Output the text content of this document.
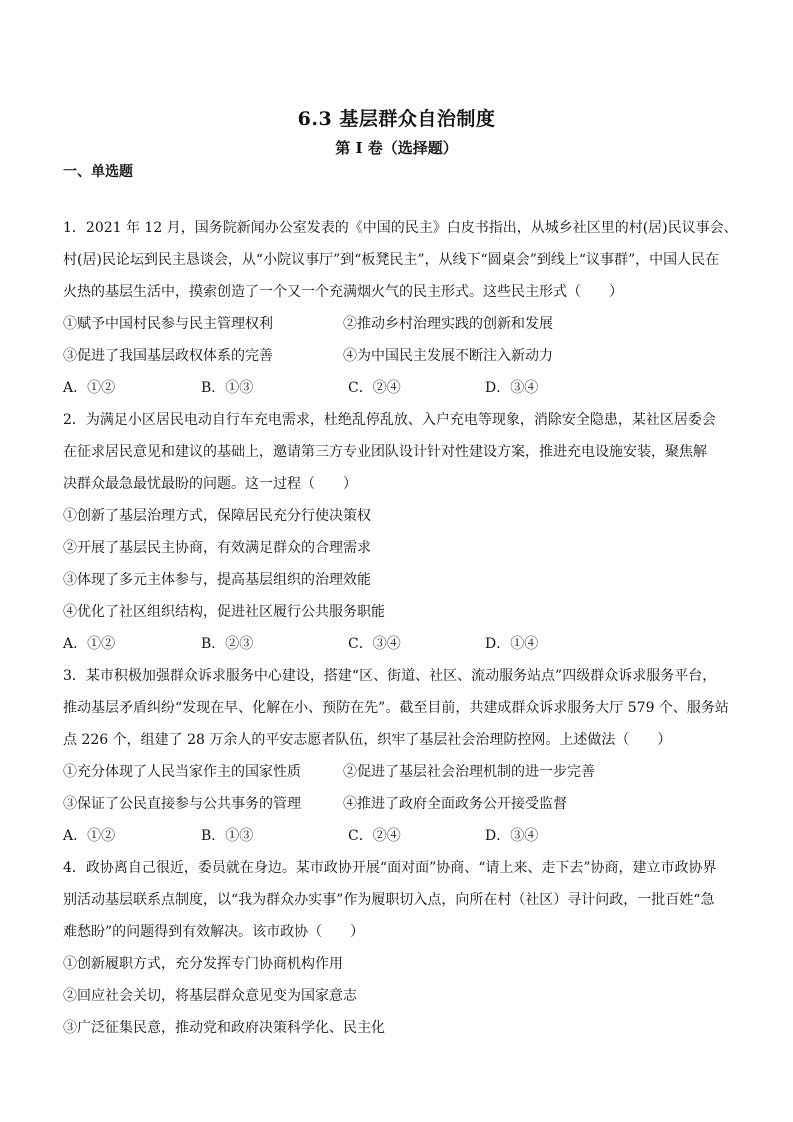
6.3 基层群众自治制度
第 I 卷（选择题）
一、单选题
1．2021 年 12 月，国务院新闻办公室发表的《中国的民主》白皮书指出，从城乡社区里的村(居)民议事会、
村(居)民论坛到民主恳谈会，从“小院议事厅”到“板凳民主”，从线下“圆桌会”到线上“议事群”，中国人民在
火热的基层生活中，摸索创造了一个又一个充满烟火气的民主形式。这些民主形式（　　）
①赋予中国村民参与民主管理权利	②推动乡村治理实践的创新和发展
③促进了我国基层政权体系的完善	④为中国民主发展不断注入新动力
A．①②	B．①③	C．②④	D．③④
2．为满足小区居民电动自行车充电需求，杜绝乱停乱放、入户充电等现象，消除安全隐患，某社区居委会
在征求居民意见和建议的基础上，邀请第三方专业团队设计针对性建设方案，推进充电设施安装，聚焦解
决群众最急最忧最盼的问题。这一过程（　　）
①创新了基层治理方式，保障居民充分行使决策权
②开展了基层民主协商，有效满足群众的合理需求
③体现了多元主体参与，提高基层组织的治理效能
④优化了社区组织结构，促进社区履行公共服务职能
A．①②	B．②③	C．③④	D．①④
3．某市积极加强群众诉求服务中心建设，搭建“区、街道、社区、流动服务站点”四级群众诉求服务平台，
推动基层矛盾纠纷“发现在早、化解在小、预防在先”。截至目前，共建成群众诉求服务大厅 579 个、服务站
点 226 个，组建了 28 万余人的平安志愿者队伍，织牢了基层社会治理防控网。上述做法（　　）
①充分体现了人民当家作主的国家性质	②促进了基层社会治理机制的进一步完善
③保证了公民直接参与公共事务的管理	④推进了政府全面政务公开接受监督
A．①②	B．①③	C．②④	D．③④
4．政协离自己很近，委员就在身边。某市政协开展“面对面”协商、“请上来、走下去”协商，建立市政协界
别活动基层联系点制度，以“我为群众办实事”作为履职切入点，向所在村（社区）寻计问政，一批百姓“急
难愁盼”的问题得到有效解决。该市政协（　　）
①创新履职方式，充分发挥专门协商机构作用
②回应社会关切，将基层群众意见变为国家意志
③广泛征集民意，推动党和政府决策科学化、民主化
